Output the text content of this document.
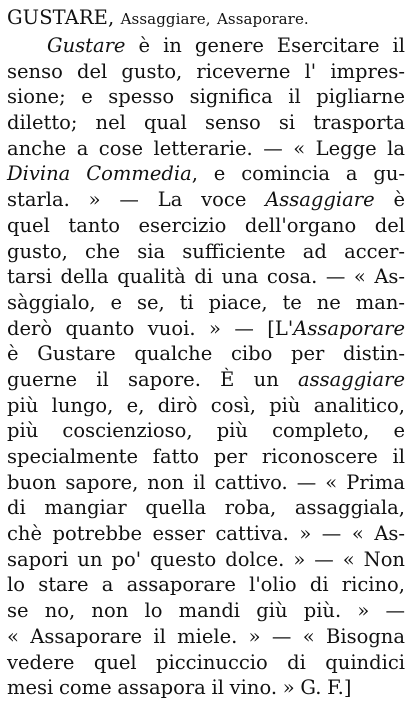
GUSTARE, Assaggiare, Assaporare.
Gustare è in genere Esercitare il
senso del gusto, riceverne l' impres-
sione; e spesso significa il pigliarne
diletto; nel qual senso si trasporta
anche a cose letterarie. — « Legge la
Divina Commedia, e comincia a gu-
starla. » — La voce Assaggiare è
quel tanto esercizio dell'organo del
gusto, che sia sufficiente ad accer-
tarsi della qualità di una cosa. — « As-
sàggialo, e se, ti piace, te ne man-
derò quanto vuoi. » — [L'Assaporare
è Gustare qualche cibo per distin-
guerne il sapore. È un assaggiare
più lungo, e, dirò così, più analitico,
più coscienzioso, più completo, e
specialmente fatto per riconoscere il
buon sapore, non il cattivo. — « Prima
di mangiar quella roba, assaggiala,
chè potrebbe esser cattiva. » — « As-
sapori un po' questo dolce. » — « Non
lo stare a assaporare l'olio di ricino,
se no, non lo mandi giù più. » —
« Assaporare il miele. » — « Bisogna
vedere quel piccinuccio di quindici
mesi come assapora il vino. » G. F.]
